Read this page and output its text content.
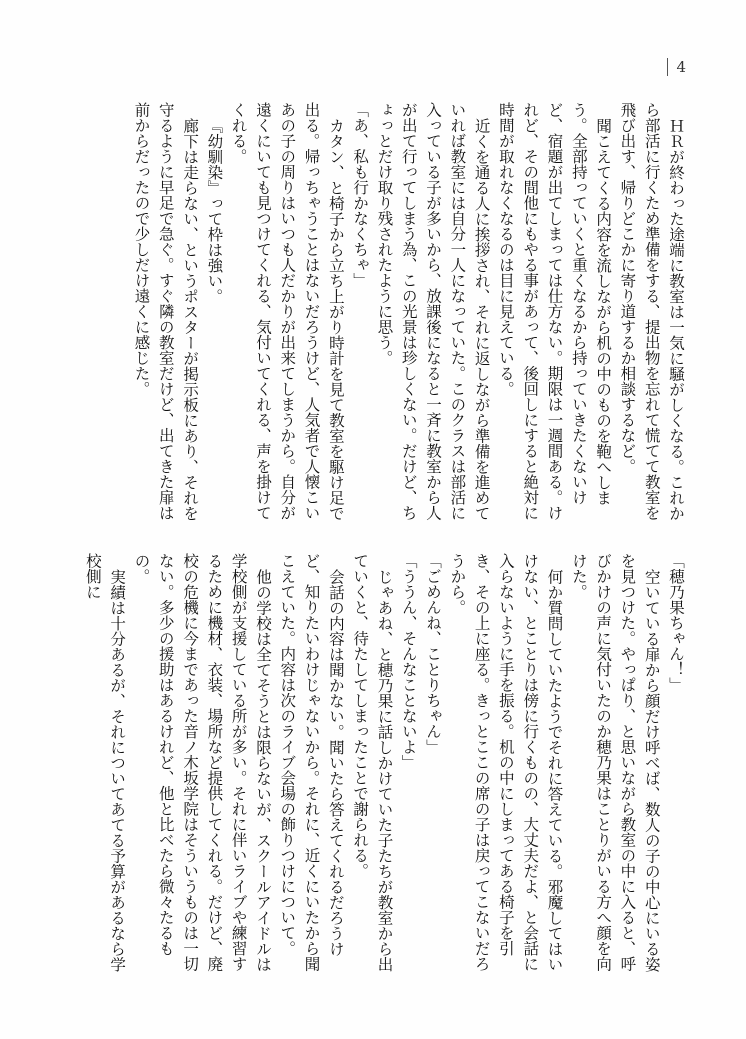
4

ＨＲが終わった途端に教室は一気に騒がしくなる。これから部活に行くため準備をする、提出物を忘れて慌てて教室を飛び出す、帰りどこかに寄り道するか相談するなど。

聞こえてくる内容を流しながら机の中のものを鞄へしまう。全部持っていくと重くなるから持っていきたくないけど、宿題が出てしまっては仕方ない。期限は一週間ある。けれど、その間他にもやる事があって、後回しにすると絶対に時間が取れなくなるのは目に見えている。

近くを通る人に挨拶され、それに返しながら準備を進めていれば教室には自分一人になっていた。このクラスは部活に入っている子が多いから、放課後になると一斉に教室から人が出て行ってしまう為、この光景は珍しくない。だけど、ちょっとだけ取り残されたように思う。

「あ、私も行かなくちゃ」

カタン、と椅子から立ち上がり時計を見て教室を駆け足で出る。帰っちゃうことはないだろうけど、人気者で人懐こいあの子の周りはいつも人だかりが出来てしまうから。自分が遠くにいても見つけてくれる、気付いてくれる、声を掛けてくれる。

『幼馴染』って枠は強い。

廊下は走らない、というポスターが掲示板にあり、それを守るように早足で急ぐ。すぐ隣の教室だけど、出てきた扉は前からだったので少しだけ遠くに感じた。

「穂乃果ちゃん！」

空いている扉から顔だけ呼べば、数人の子の中心にいる姿を見つけた。やっぱり、と思いながら教室の中に入ると、呼びかけの声に気付いたのか穂乃果はことりがいる方へ顔を向けた。

何か質問していたようでそれに答えている。邪魔してはいけない、とことりは傍に行くものの、大丈夫だよ、と会話に入らないように手を振る。机の中にしまってある椅子を引き、その上に座る。きっとここの席の子は戻ってこないだろうから。

「ごめんね、ことりちゃん」

「ううん、そんなことないよ」

じゃあね、と穂乃果に話しかけていた子たちが教室から出ていくと、待たしてしまったことで謝られる。

会話の内容は聞かない。聞いたら答えてくれるだろうけど、知りたいわけじゃないから。それに、近くにいたから聞こえていた。内容は次のライブ会場の飾りつけについて。

他の学校は全てそうとは限らないが、スクールアイドルは学校側が支援している所が多い。それに伴いライブや練習するために機材、衣装、場所など提供してくれる。だけど、廃校の危機に今まであった音ノ木坂学院はそういうものは一切ない。多少の援助はあるけれど、他と比べたら微々たるもの。

実績は十分あるが、それについてあてる予算があるなら学校側に
